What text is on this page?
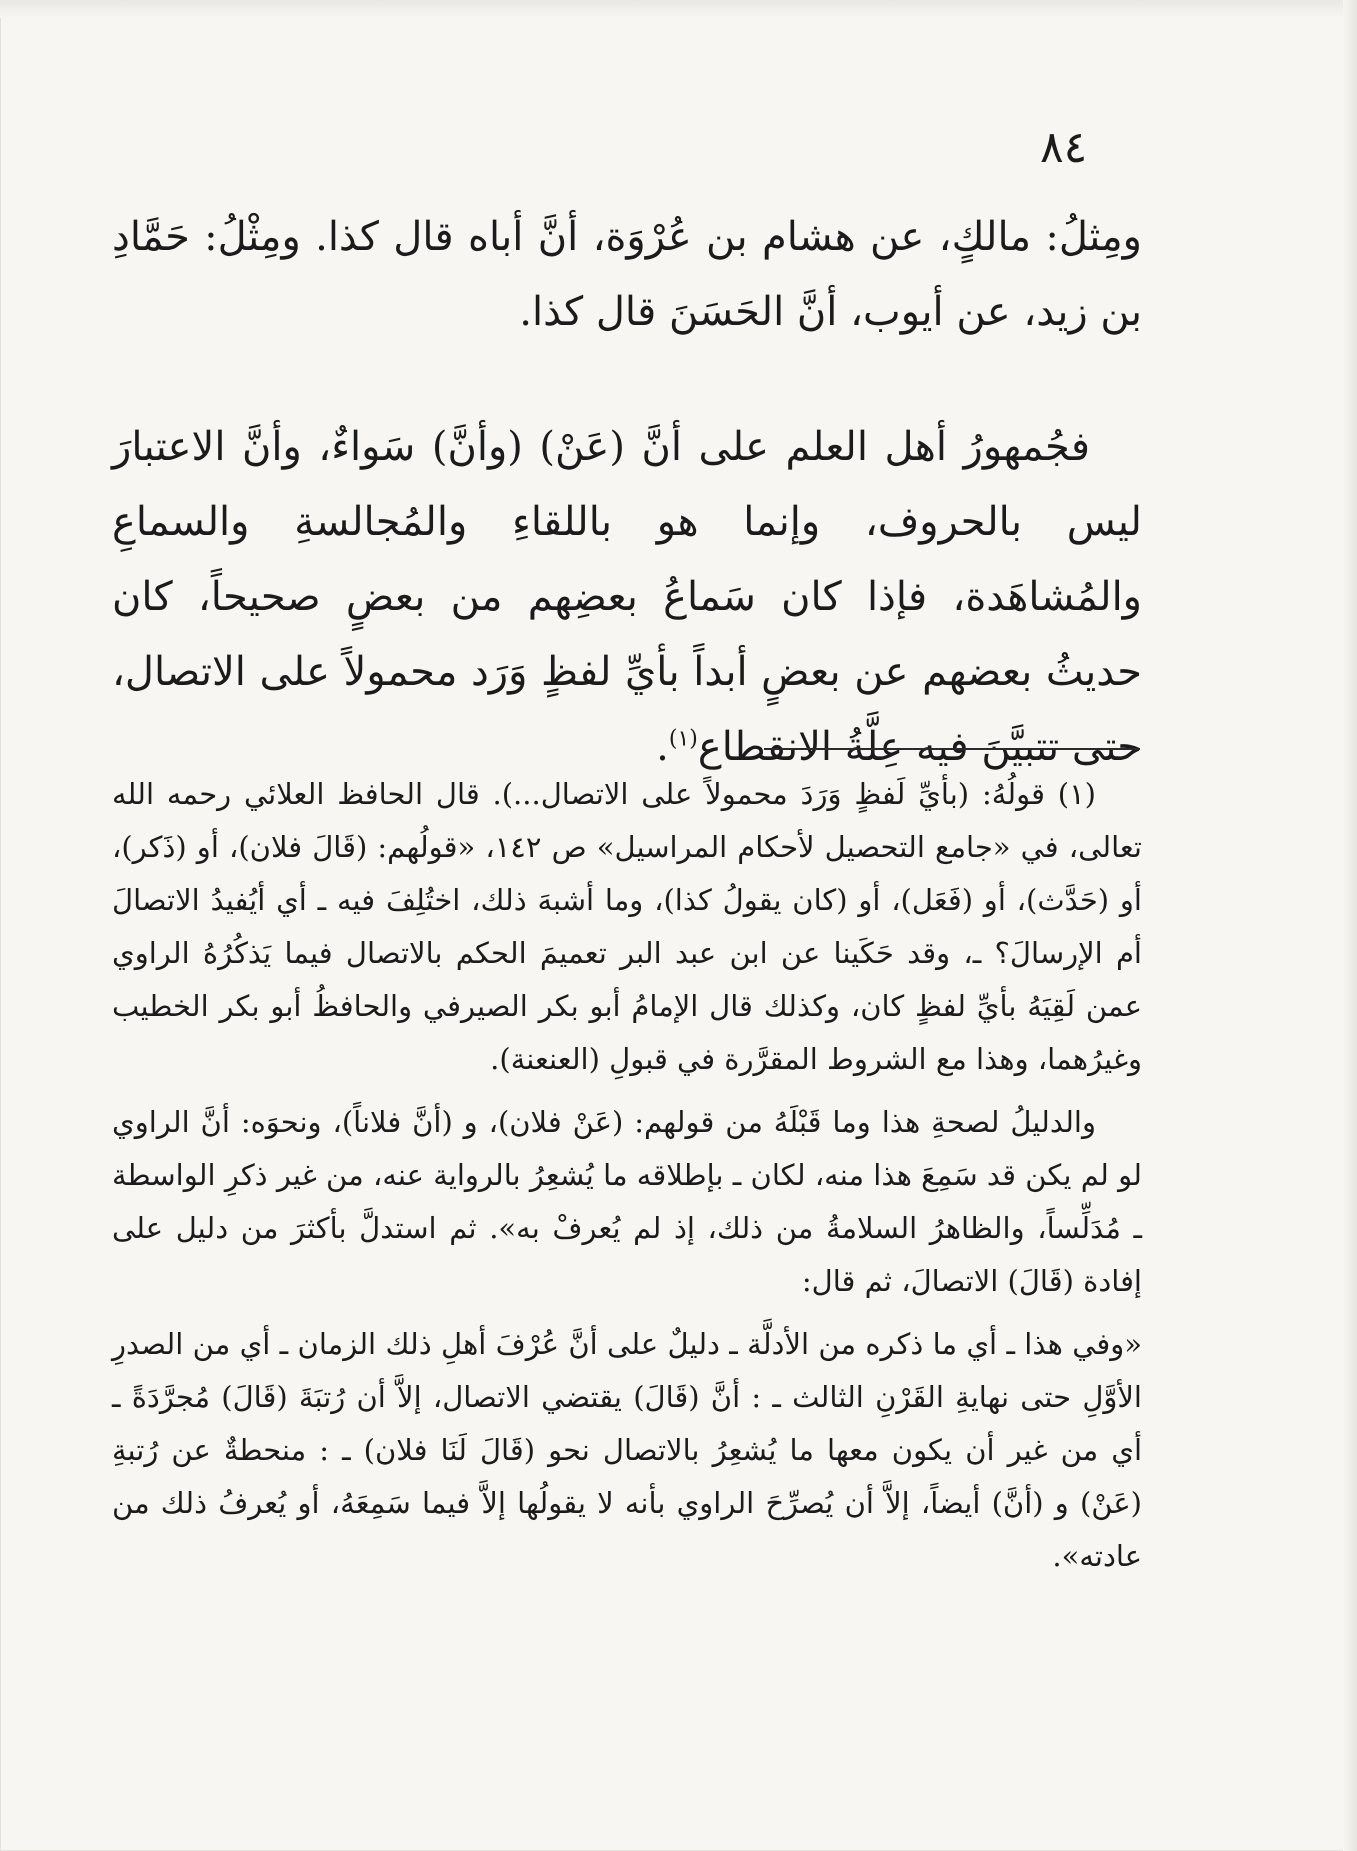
٨٤

ومِثلُ: مالكٍ، عن هشام بن عُرْوَة، أنَّ أباه قال كذا. ومِثْلُ: حَمَّادِ بن زيد، عن أيوب، أنَّ الحَسَنَ قال كذا.

فجُمهورُ أهل العلم على أنَّ (عَنْ) (وأنَّ) سَواءٌ، وأنَّ الاعتبارَ ليس بالحروف، وإنما هو باللقاءِ والمُجالسةِ والسماعِ والمُشاهَدة، فإذا كان سَماعُ بعضِهم من بعضٍ صحيحاً، كان حديثُ بعضهم عن بعضٍ أبداً بأيِّ لفظٍ وَرَد محمولاً على الاتصال، حتى تتبيَّنَ فيه عِلَّةُ الانقطاع$^{(١)}$.

(١) قولُهُ: (بأيِّ لَفظٍ وَرَدَ محمولاً على الاتصال...). قال الحافظ العلائي رحمه الله تعالى، في «جامع التحصيل لأحكام المراسيل» ص ١٤٢، «قولُهم: (قَالَ فلان)، أو (ذَكر)، أو (حَدَّث)، أو (فَعَل)، أو (كان يقولُ كذا)، وما أشبهَ ذلك، اختُلِفَ فيه ـ أي أيُفيدُ الاتصالَ أم الإرسالَ؟ ـ، وقد حَكَينا عن ابن عبد البر تعميمَ الحكم بالاتصال فيما يَذكُرُهُ الراوي عمن لَقِيَهُ بأيِّ لفظٍ كان، وكذلك قال الإمامُ أبو بكر الصيرفي والحافظُ أبو بكر الخطيب وغيرُهما، وهذا مع الشروط المقرَّرة في قبولِ (العنعنة).

والدليلُ لصحةِ هذا وما قَبْلَهُ من قولهم: (عَنْ فلان)، و (أنَّ فلاناً)، ونحوَه: أنَّ الراوي لو لم يكن قد سَمِعَ هذا منه، لكان ـ بإطلاقه ما يُشعِرُ بالرواية عنه، من غير ذكرِ الواسطة ـ مُدَلِّساً، والظاهرُ السلامةُ من ذلك، إذ لم يُعرفْ به». ثم استدلَّ بأكثرَ من دليل على إفادة (قَالَ) الاتصالَ، ثم قال:

«وفي هذا ـ أي ما ذكره من الأدلَّة ـ دليلٌ على أنَّ عُرْفَ أهلِ ذلك الزمان ـ أي من الصدرِ الأوَّلِ حتى نهايةِ القَرْنِ الثالث ـ : أنَّ (قَالَ) يقتضي الاتصال، إلاَّ أن رُتبَةَ (قَالَ) مُجرَّدَةً ـ أي من غير أن يكون معها ما يُشعِرُ بالاتصال نحو (قَالَ لَنَا فلان) ـ : منحطةٌ عن رُتبةِ (عَنْ) و (أنَّ) أيضاً، إلاَّ أن يُصرِّحَ الراوي بأنه لا يقولُها إلاَّ فيما سَمِعَهُ، أو يُعرفُ ذلك من عادته».
